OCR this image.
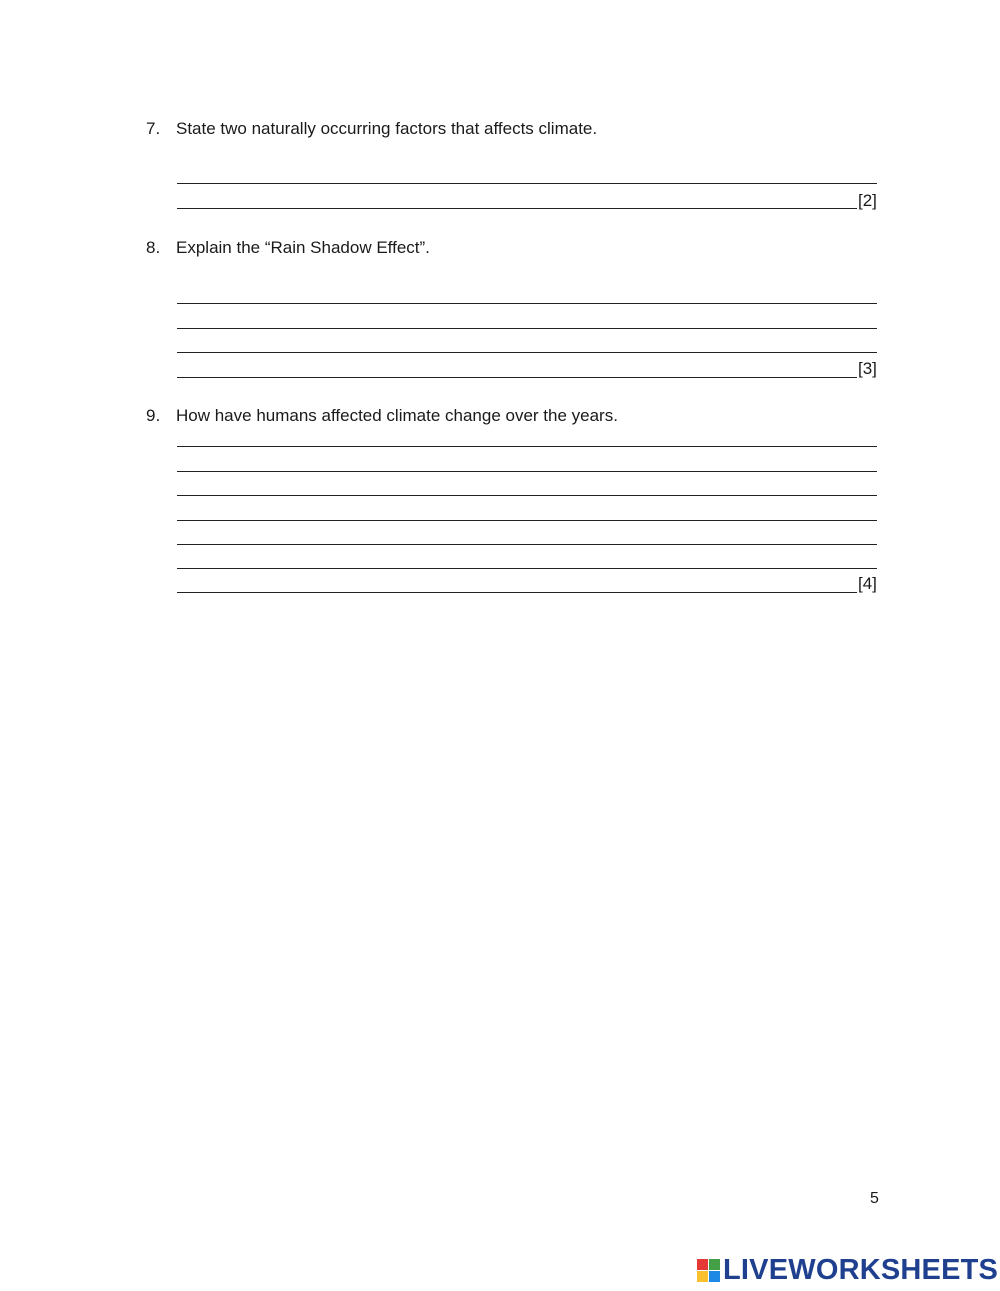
7. State two naturally occurring factors that affects climate.
[2]
8. Explain the “Rain Shadow Effect”.
[3]
9. How have humans affected climate change over the years.
[4]
5
LIVEWORKSHEETS
